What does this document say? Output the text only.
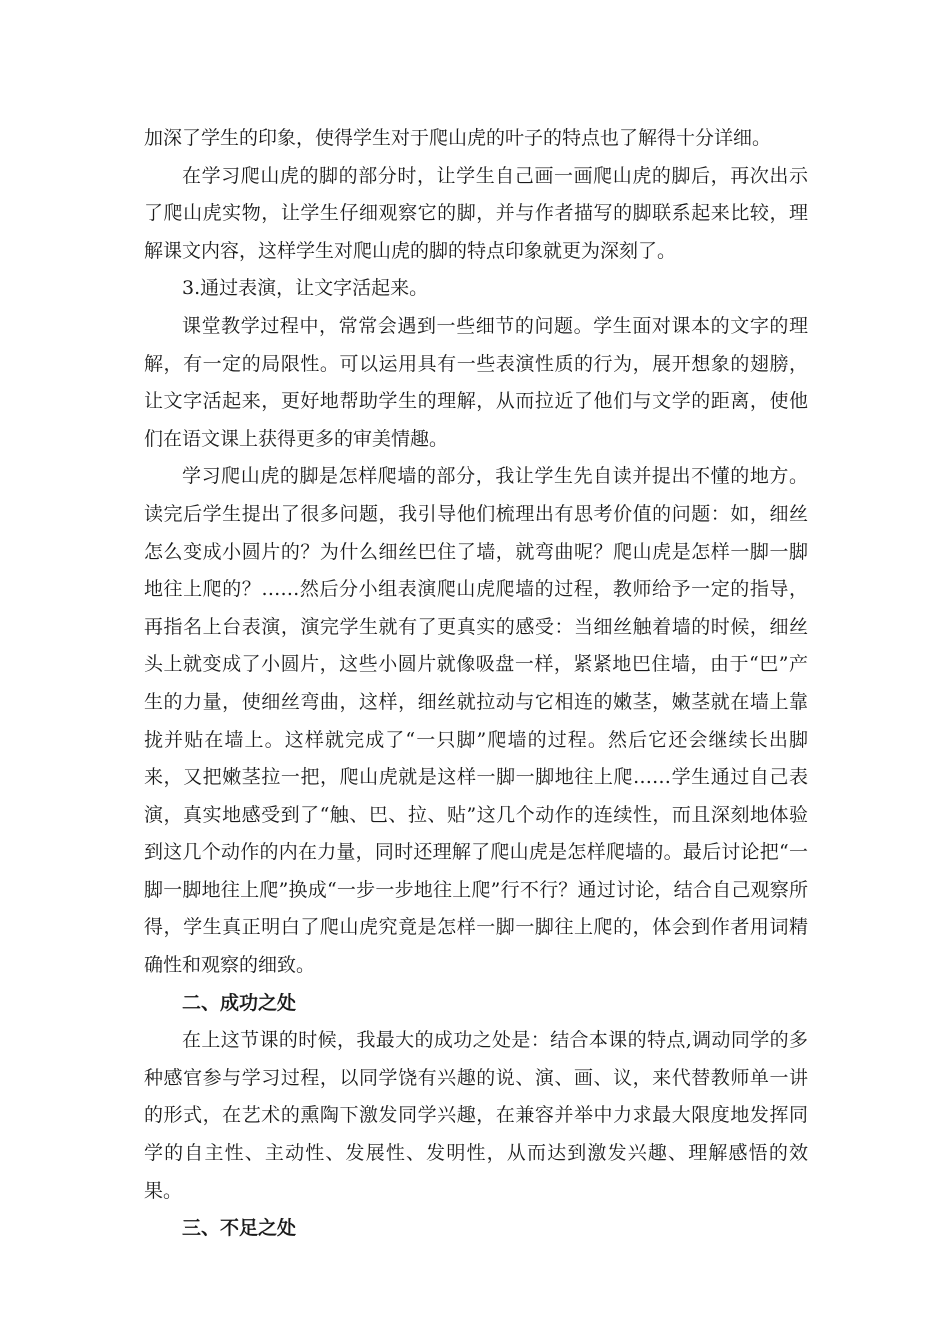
加深了学生的印象，使得学生对于爬山虎的叶子的特点也了解得十分详细。

在学习爬山虎的脚的部分时，让学生自己画一画爬山虎的脚后，再次出示了爬山虎实物，让学生仔细观察它的脚，并与作者描写的脚联系起来比较，理解课文内容，这样学生对爬山虎的脚的特点印象就更为深刻了。

3.通过表演，让文字活起来。

课堂教学过程中，常常会遇到一些细节的问题。学生面对课本的文字的理解，有一定的局限性。可以运用具有一些表演性质的行为，展开想象的翅膀，让文字活起来，更好地帮助学生的理解，从而拉近了他们与文学的距离，使他们在语文课上获得更多的审美情趣。

学习爬山虎的脚是怎样爬墙的部分，我让学生先自读并提出不懂的地方。读完后学生提出了很多问题，我引导他们梳理出有思考价值的问题：如，细丝怎么变成小圆片的？为什么细丝巴住了墙，就弯曲呢？爬山虎是怎样一脚一脚地往上爬的？……然后分小组表演爬山虎爬墙的过程，教师给予一定的指导，再指名上台表演，演完学生就有了更真实的感受：当细丝触着墙的时候，细丝头上就变成了小圆片，这些小圆片就像吸盘一样，紧紧地巴住墙，由于“巴”产生的力量，使细丝弯曲，这样，细丝就拉动与它相连的嫩茎，嫩茎就在墙上靠拢并贴在墙上。这样就完成了“一只脚”爬墙的过程。然后它还会继续长出脚来，又把嫩茎拉一把，爬山虎就是这样一脚一脚地往上爬……学生通过自己表演，真实地感受到了“触、巴、拉、贴”这几个动作的连续性，而且深刻地体验到这几个动作的内在力量，同时还理解了爬山虎是怎样爬墙的。最后讨论把“一脚一脚地往上爬”换成“一步一步地往上爬”行不行？通过讨论，结合自己观察所得，学生真正明白了爬山虎究竟是怎样一脚一脚往上爬的，体会到作者用词精确性和观察的细致。

二、成功之处

在上这节课的时候，我最大的成功之处是：结合本课的特点,调动同学的多种感官参与学习过程，以同学饶有兴趣的说、演、画、议，来代替教师单一讲的形式，在艺术的熏陶下激发同学兴趣，在兼容并举中力求最大限度地发挥同学的自主性、主动性、发展性、发明性，从而达到激发兴趣、理解感悟的效果。

三、不足之处
